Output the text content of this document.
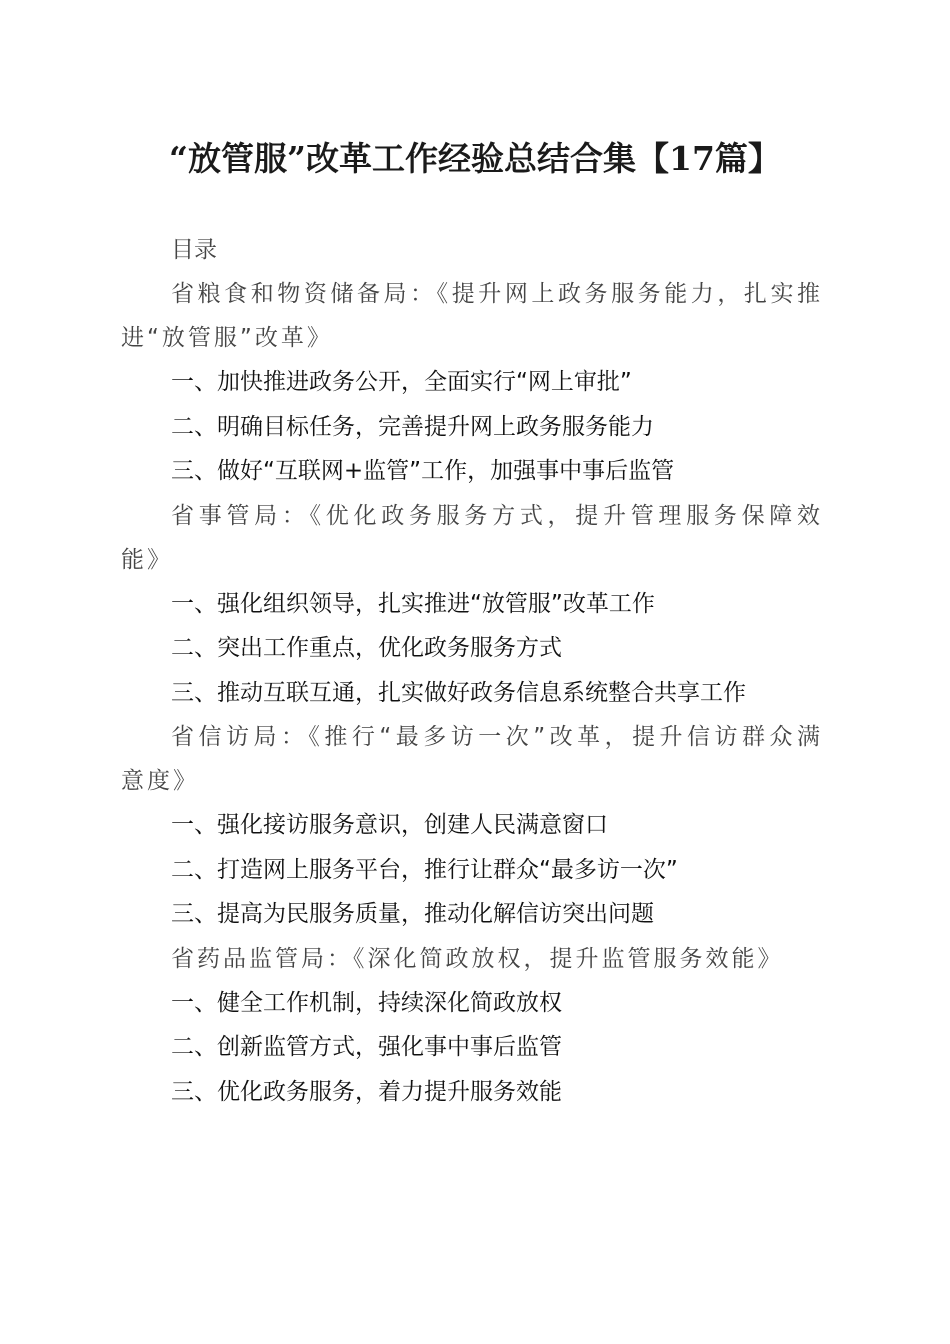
“放管服”改革工作经验总结合集【17篇】

目录

省粮食和物资储备局：《提升网上政务服务能力，扎实推

进“放管服”改革》

一、加快推进政务公开，全面实行“网上审批”

二、明确目标任务，完善提升网上政务服务能力

三、做好“互联网+监管”工作，加强事中事后监管

省事管局：《优化政务服务方式，提升管理服务保障效

能》

一、强化组织领导，扎实推进“放管服”改革工作

二、突出工作重点，优化政务服务方式

三、推动互联互通，扎实做好政务信息系统整合共享工作

省信访局：《推行“最多访一次”改革，提升信访群众满

意度》

一、强化接访服务意识，创建人民满意窗口

二、打造网上服务平台，推行让群众“最多访一次”

三、提高为民服务质量，推动化解信访突出问题

省药品监管局：《深化简政放权，提升监管服务效能》

一、健全工作机制，持续深化简政放权

二、创新监管方式，强化事中事后监管

三、优化政务服务，着力提升服务效能
